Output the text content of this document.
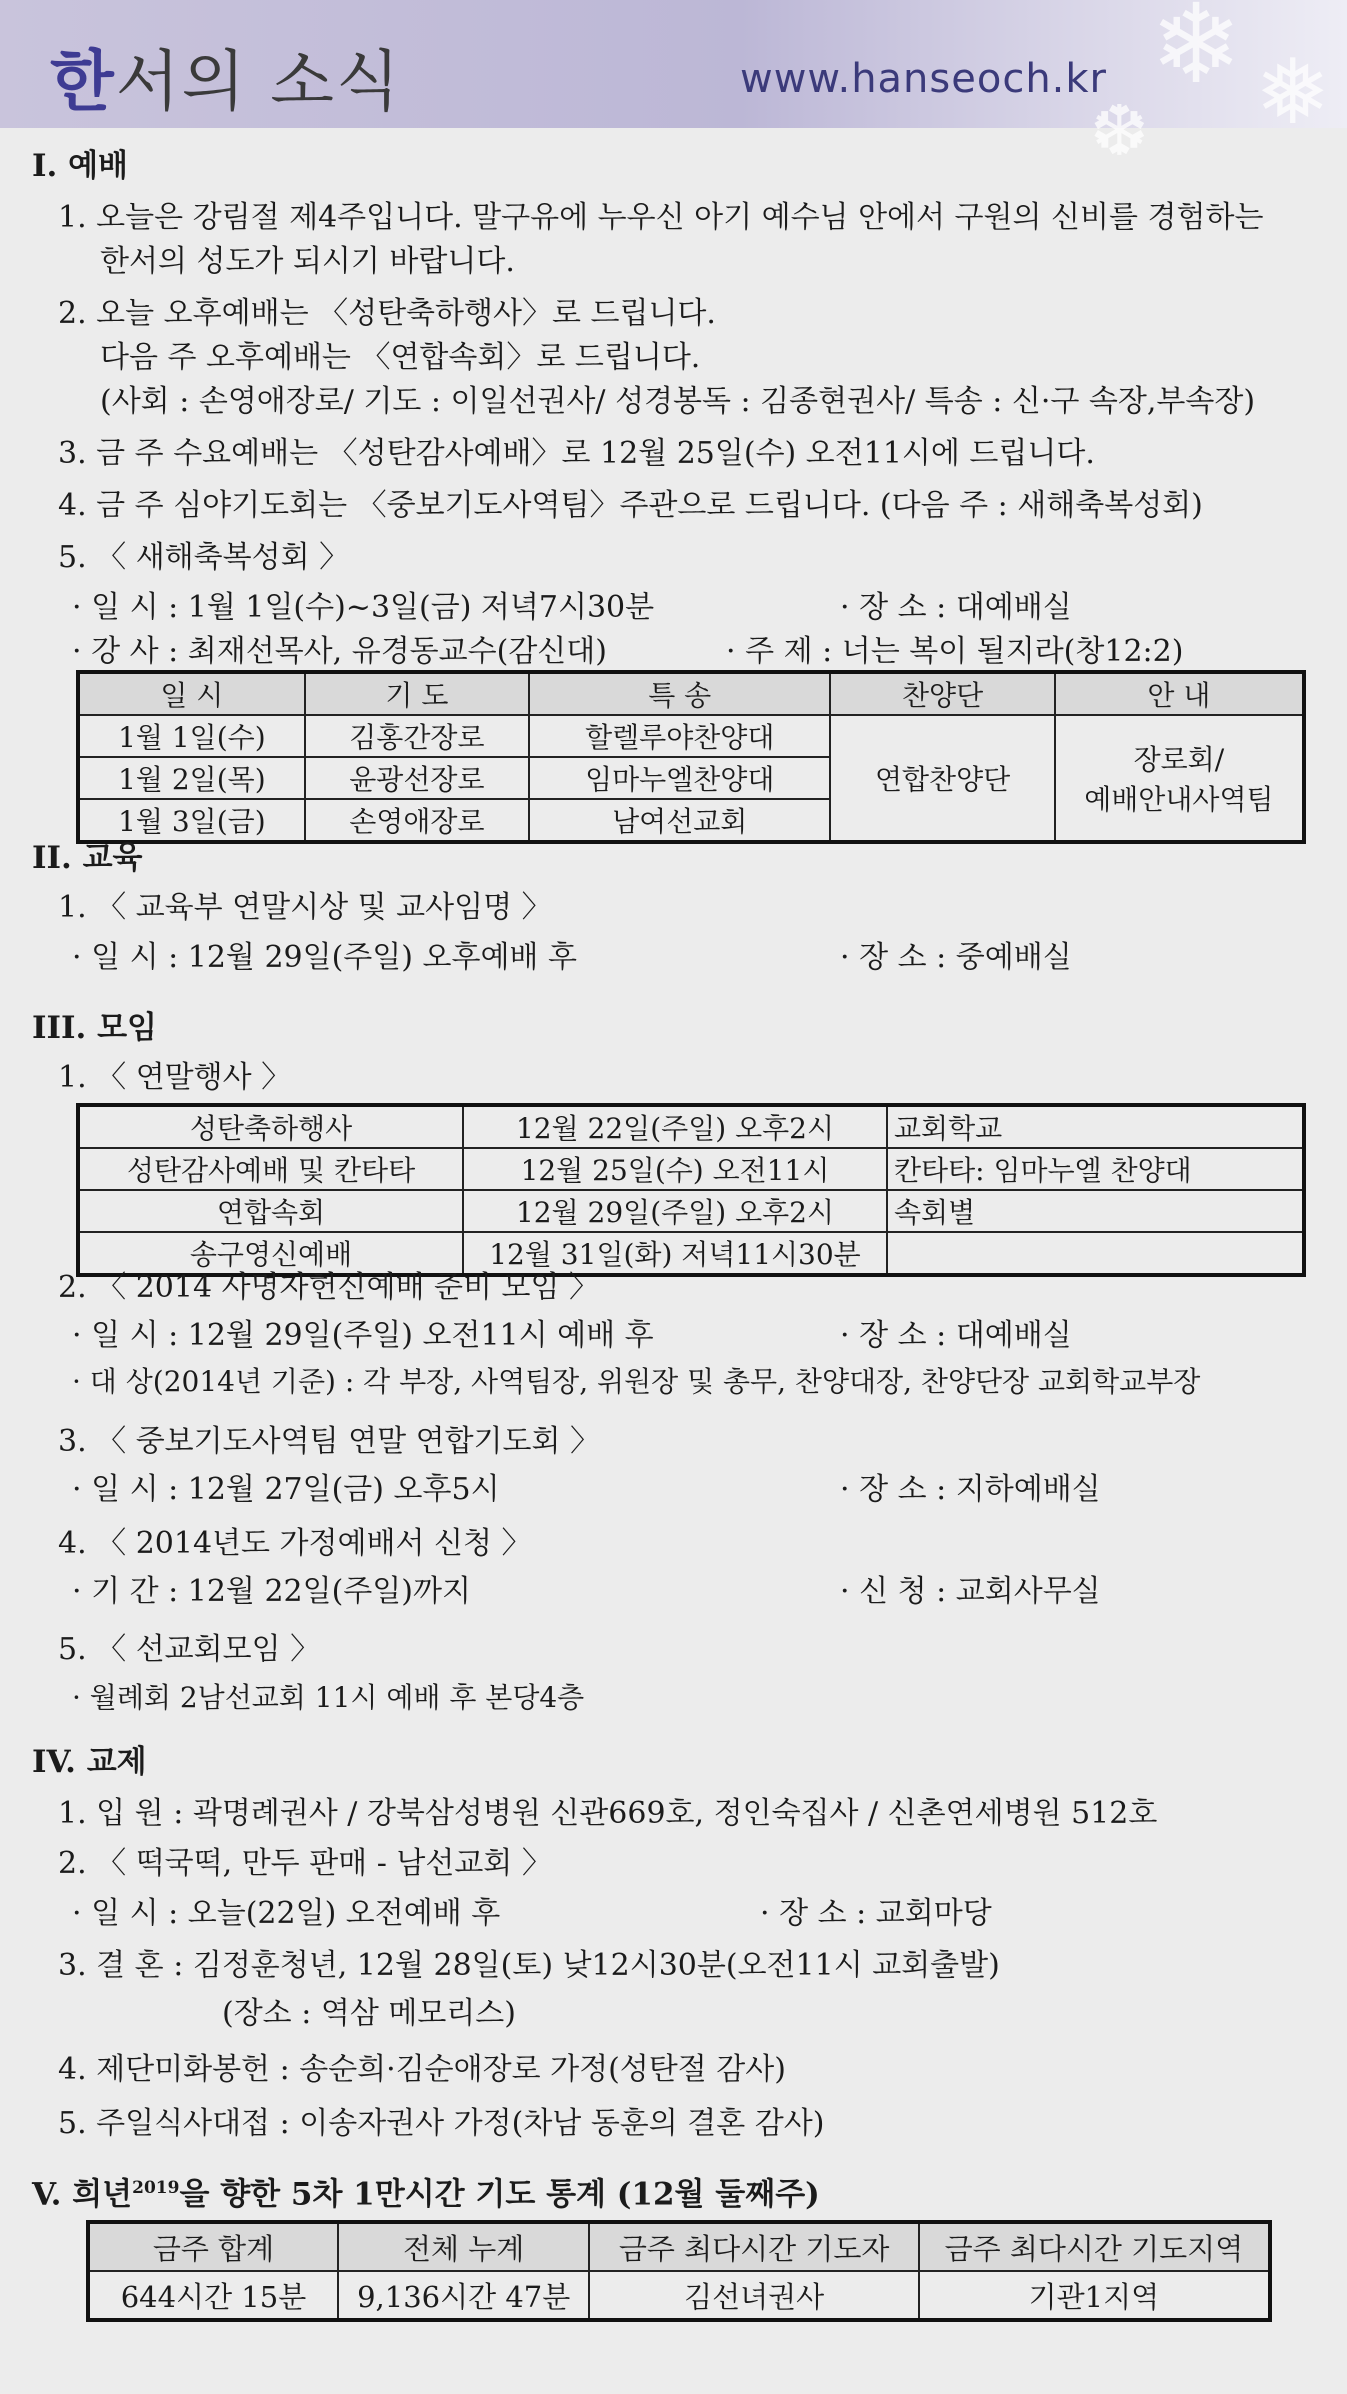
한서의 소식	www.hanseoch.kr ❄ ❅
❆
I. 예배
1. 오늘은 강림절 제4주입니다. 말구유에 누우신 아기 예수님 안에서 구원의 신비를 경험하는
한서의 성도가 되시기 바랍니다.
2. 오늘 오후예배는 〈성탄축하행사〉로 드립니다.
다음 주 오후예배는 〈연합속회〉로 드립니다.
(사회 : 손영애장로/ 기도 : 이일선권사/ 성경봉독 : 김종현권사/ 특송 : 신·구 속장,부속장)
3. 금 주 수요예배는 〈성탄감사예배〉로 12월 25일(수) 오전11시에 드립니다.
4. 금 주 심야기도회는 〈중보기도사역팀〉주관으로 드립니다. (다음 주 : 새해축복성회)
5. 〈 새해축복성회 〉
· 일 시 : 1월 1일(수)~3일(금) 저녁7시30분	· 장 소 : 대예배실
· 강 사 : 최재선목사, 유경동교수(감신대)	· 주 제 : 너는 복이 될지라(창12:2)
일 시	기 도	특 송	찬양단	안 내
1월 1일(수)	김홍간장로	할렐루야찬양대	연합찬양단	장로회/
예배안내사역팀

1월 2일(목)	윤광선장로	임마누엘찬양대		
1월 3일(금)	손영애장로	남여선교회		
II. 교육
1. 〈 교육부 연말시상 및 교사임명 〉
· 일 시 : 12월 29일(주일) 오후예배 후	· 장 소 : 중예배실
III. 모임
1. 〈 연말행사 〉
성탄축하행사	12월 22일(주일) 오후2시	교회학교
성탄감사예배 및 칸타타	12월 25일(수) 오전11시	칸타타: 임마누엘 찬양대
연합속회	12월 29일(주일) 오후2시	속회별
송구영신예배	12월 31일(화) 저녁11시30분	
2. 〈 2014 사명자헌신예배 준비 모임 〉
· 일 시 : 12월 29일(주일) 오전11시 예배 후	· 장 소 : 대예배실
· 대 상(2014년 기준) : 각 부장, 사역팀장, 위원장 및 총무, 찬양대장, 찬양단장 교회학교부장
3. 〈 중보기도사역팀 연말 연합기도회 〉
· 일 시 : 12월 27일(금) 오후5시	· 장 소 : 지하예배실
4. 〈 2014년도 가정예배서 신청 〉
· 기 간 : 12월 22일(주일)까지	· 신 청 : 교회사무실
5. 〈 선교회모임 〉
· 월례회 2남선교회 11시 예배 후 본당4층
IV. 교제
1. 입 원 : 곽명례권사 / 강북삼성병원 신관669호, 정인숙집사 / 신촌연세병원 512호
2. 〈 떡국떡, 만두 판매 - 남선교회 〉
· 일 시 : 오늘(22일) 오전예배 후	· 장 소 : 교회마당
3. 결 혼 : 김정훈청년, 12월 28일(토) 낮12시30분(오전11시 교회출발)
(장소 : 역삼 메모리스)
4. 제단미화봉헌 : 송순희·김순애장로 가정(성탄절 감사)
5. 주일식사대접 : 이송자권사 가정(차남 동훈의 결혼 감사)
V. 희년$^{2019}$을 향한 5차 1만시간 기도 통계 (12월 둘째주)
금주 합계	전체 누계	금주 최다시간 기도자	금주 최다시간 기도지역
644시간 15분	9,136시간 47분	김선녀권사	기관1지역
